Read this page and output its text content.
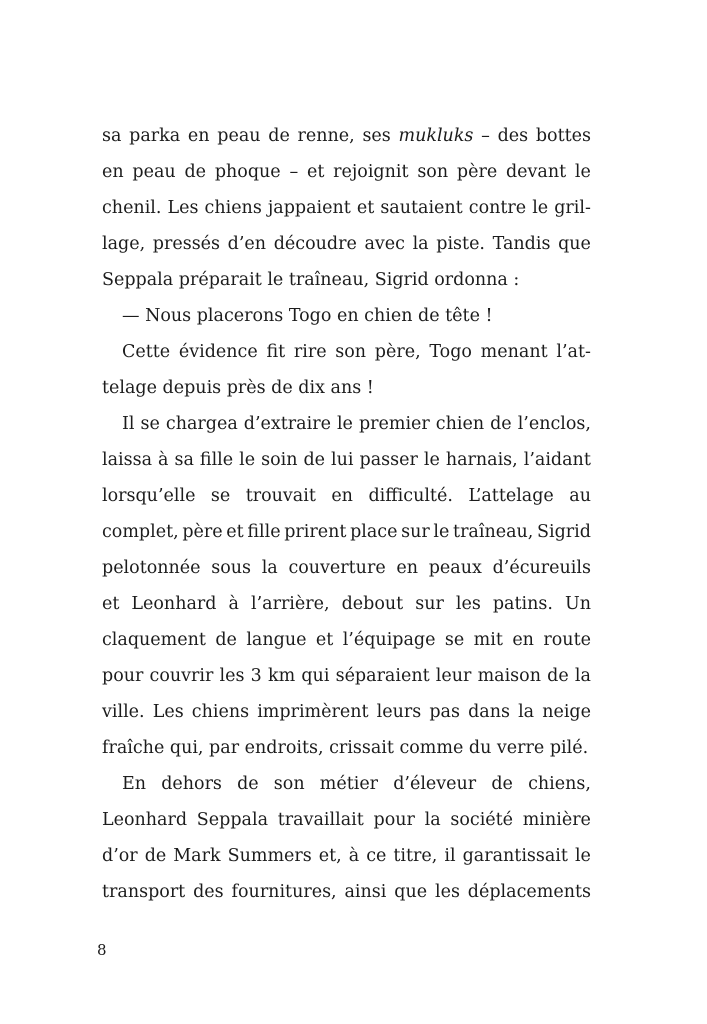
sa parka en peau de renne, ses mukluks – des bottes
en peau de phoque – et rejoignit son père devant le
chenil. Les chiens jappaient et sautaient contre le gril-
lage, pressés d’en découdre avec la piste. Tandis que
Seppala préparait le traîneau, Sigrid ordonna :
— Nous placerons Togo en chien de tête !
Cette évidence fit rire son père, Togo menant l’at-
telage depuis près de dix ans !
Il se chargea d’extraire le premier chien de l’enclos,
laissa à sa fille le soin de lui passer le harnais, l’aidant
lorsqu’elle se trouvait en difficulté. L’attelage au
complet, père et fille prirent place sur le traîneau, Sigrid
pelotonnée sous la couverture en peaux d’écureuils
et Leonhard à l’arrière, debout sur les patins. Un
claquement de langue et l’équipage se mit en route
pour couvrir les 3 km qui séparaient leur maison de la
ville. Les chiens imprimèrent leurs pas dans la neige
fraîche qui, par endroits, crissait comme du verre pilé.
En dehors de son métier d’éleveur de chiens,
Leonhard Seppala travaillait pour la société minière
d’or de Mark Summers et, à ce titre, il garantissait le
transport des fournitures, ainsi que les déplacements
8
